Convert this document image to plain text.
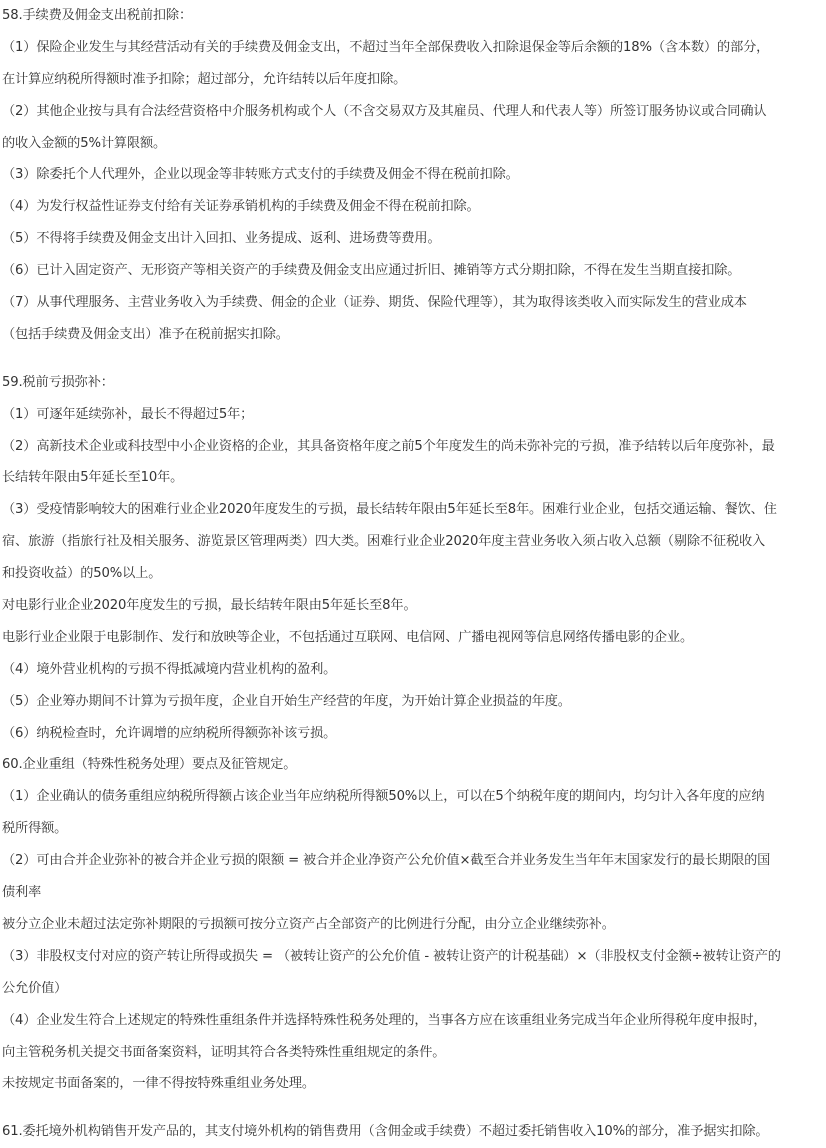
58.手续费及佣金支出税前扣除：
（1）保险企业发生与其经营活动有关的手续费及佣金支出，不超过当年全部保费收入扣除退保金等后余额的18%（含本数）的部分，
在计算应纳税所得额时准予扣除；超过部分，允许结转以后年度扣除。
（2）其他企业按与具有合法经营资格中介服务机构或个人（不含交易双方及其雇员、代理人和代表人等）所签订服务协议或合同确认
的收入金额的5%计算限额。
（3）除委托个人代理外，企业以现金等非转账方式支付的手续费及佣金不得在税前扣除。
（4）为发行权益性证券支付给有关证券承销机构的手续费及佣金不得在税前扣除。
（5）不得将手续费及佣金支出计入回扣、业务提成、返利、进场费等费用。
（6）已计入固定资产、无形资产等相关资产的手续费及佣金支出应通过折旧、摊销等方式分期扣除，不得在发生当期直接扣除。
（7）从事代理服务、主营业务收入为手续费、佣金的企业（证券、期货、保险代理等），其为取得该类收入而实际发生的营业成本
（包括手续费及佣金支出）准予在税前据实扣除。
59.税前亏损弥补：
（1）可逐年延续弥补，最长不得超过5年；
（2）高新技术企业或科技型中小企业资格的企业，其具备资格年度之前5个年度发生的尚未弥补完的亏损，准予结转以后年度弥补，最
长结转年限由5年延长至10年。
（3）受疫情影响较大的困难行业企业2020年度发生的亏损，最长结转年限由5年延长至8年。困难行业企业，包括交通运输、餐饮、住
宿、旅游（指旅行社及相关服务、游览景区管理两类）四大类。困难行业企业2020年度主营业务收入须占收入总额（剔除不征税收入
和投资收益）的50%以上。
对电影行业企业2020年度发生的亏损，最长结转年限由5年延长至8年。
电影行业企业限于电影制作、发行和放映等企业，不包括通过互联网、电信网、广播电视网等信息网络传播电影的企业。
（4）境外营业机构的亏损不得抵减境内营业机构的盈利。
（5）企业筹办期间不计算为亏损年度，企业自开始生产经营的年度，为开始计算企业损益的年度。
（6）纳税检查时，允许调增的应纳税所得额弥补该亏损。
60.企业重组（特殊性税务处理）要点及征管规定。
（1）企业确认的债务重组应纳税所得额占该企业当年应纳税所得额50%以上，可以在5个纳税年度的期间内，均匀计入各年度的应纳
税所得额。
（2）可由合并企业弥补的被合并企业亏损的限额 = 被合并企业净资产公允价值×截至合并业务发生当年年末国家发行的最长期限的国
债利率
被分立企业未超过法定弥补期限的亏损额可按分立资产占全部资产的比例进行分配，由分立企业继续弥补。
（3）非股权支付对应的资产转让所得或损失 = （被转让资产的公允价值 - 被转让资产的计税基础）×（非股权支付金额÷被转让资产的
公允价值）
（4）企业发生符合上述规定的特殊性重组条件并选择特殊性税务处理的，当事各方应在该重组业务完成当年企业所得税年度申报时，
向主管税务机关提交书面备案资料，证明其符合各类特殊性重组规定的条件。
未按规定书面备案的，一律不得按特殊重组业务处理。
61.委托境外机构销售开发产品的，其支付境外机构的销售费用（含佣金或手续费）不超过委托销售收入10%的部分，准予据实扣除。
